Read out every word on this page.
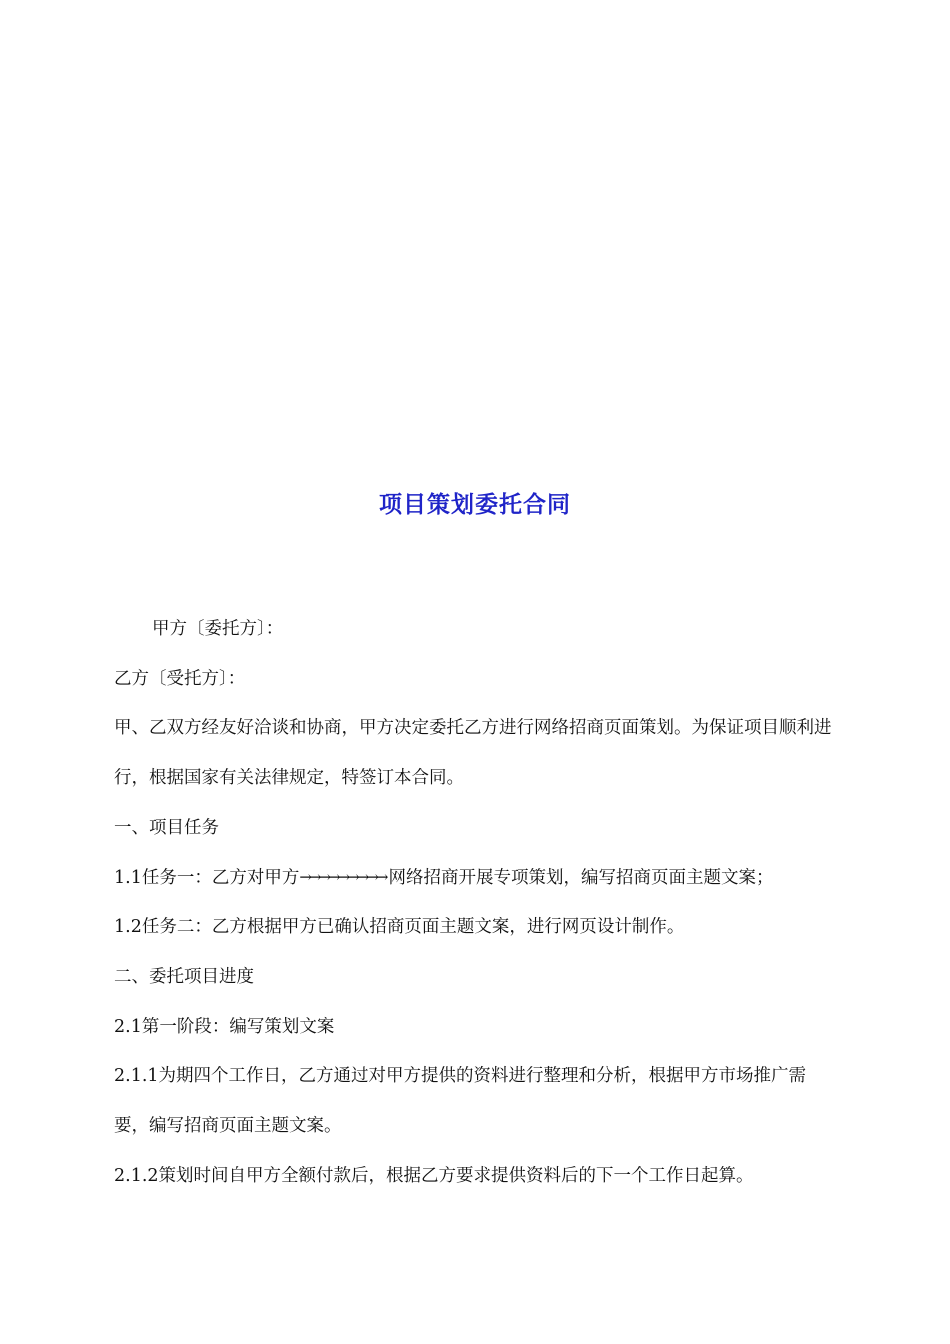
项目策划委托合同

甲方〔委托方〕：

乙方〔受托方〕：

甲、乙双方经友好洽谈和协商，甲方决定委托乙方进行网络招商页面策划。为保证项目顺利进行，根据国家有关法律规定，特签订本合同。

一、项目任务

1.1任务一：乙方对甲方→→→→→→→→→ 网络招商开展专项策划，编写招商页面主题文案；

1.2任务二：乙方根据甲方已确认招商页面主题文案，进行网页设计制作。

二、委托项目进度

2.1第一阶段：编写策划文案

2.1.1为期四个工作日，乙方通过对甲方提供的资料进行整理和分析，根据甲方市场推广需要，编写招商页面主题文案。

2.1.2策划时间自甲方全额付款后，根据乙方要求提供资料后的下一个工作日起算。
